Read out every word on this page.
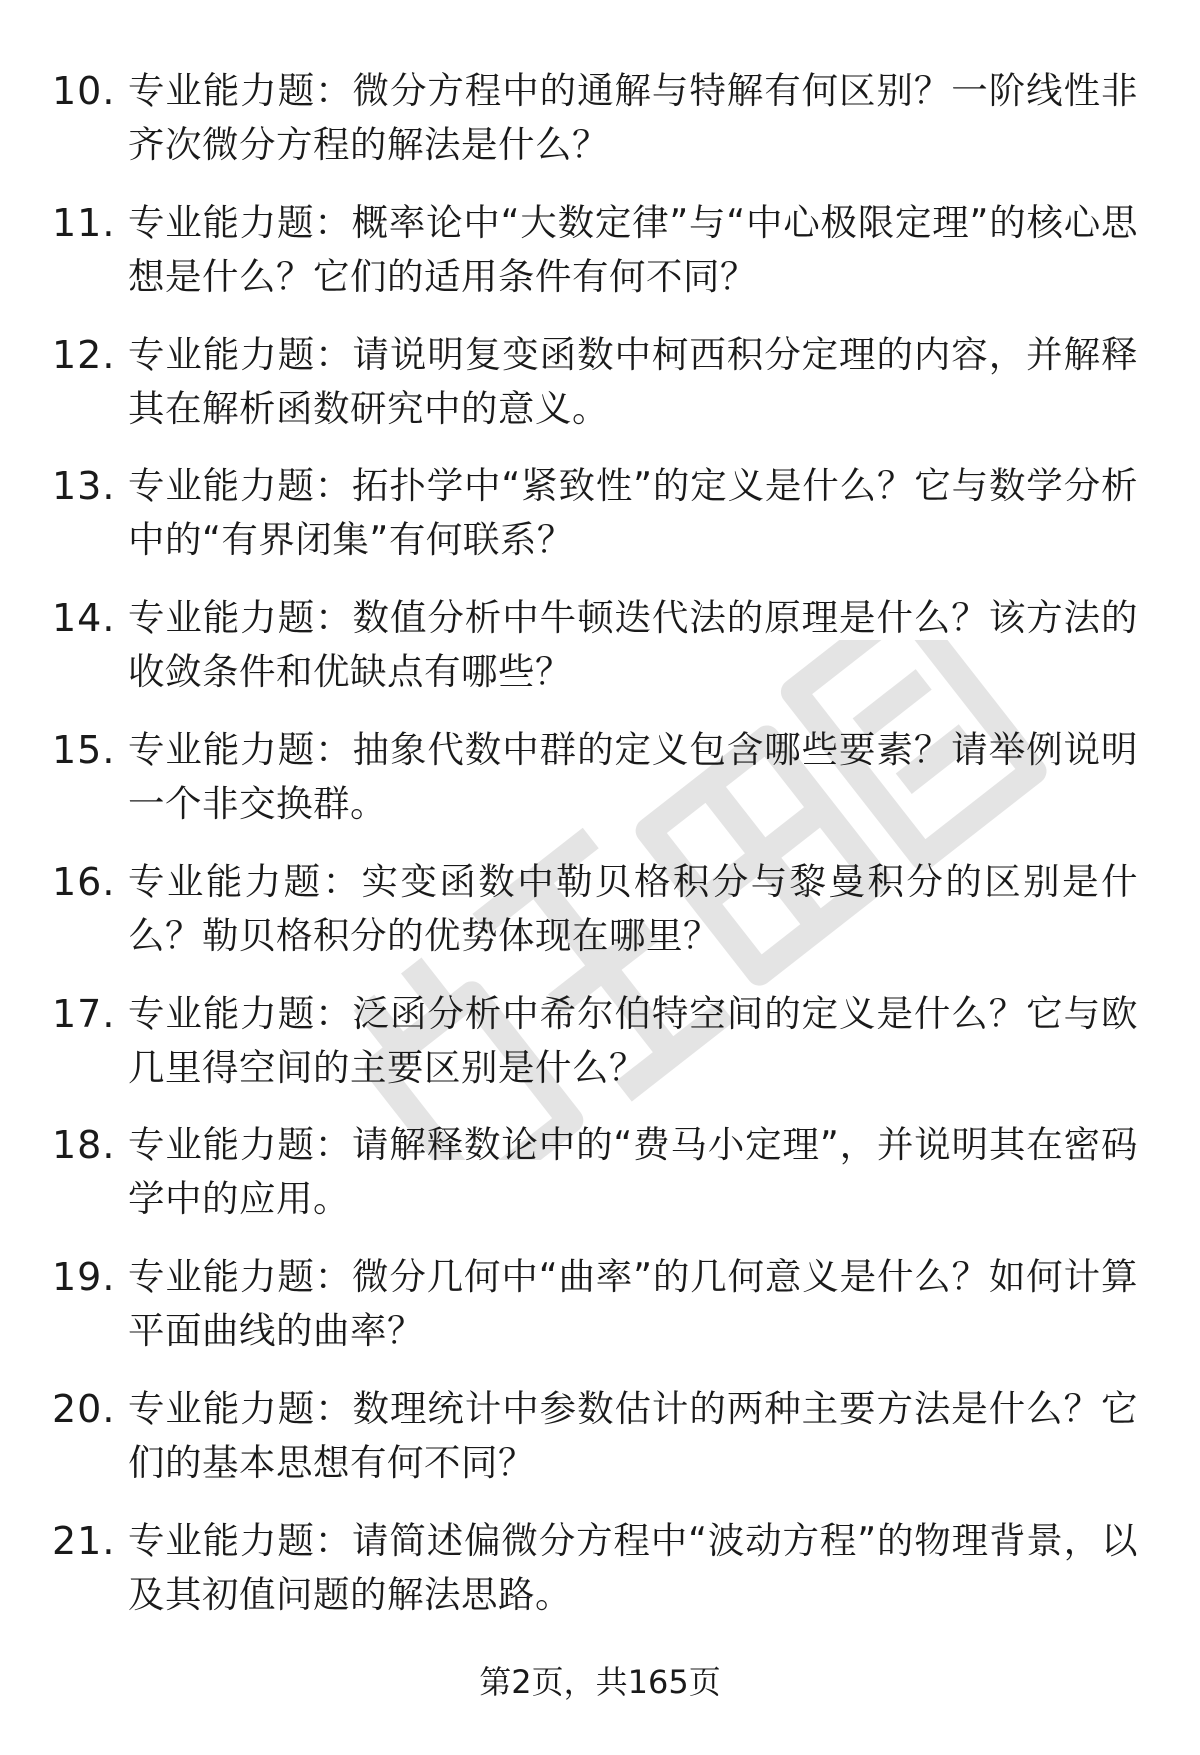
10. 专业能力题：微分方程中的通解与特解有何区别？一阶线性非齐次微分方程的解法是什么？
11. 专业能力题：概率论中“大数定律”与“中心极限定理”的核心思想是什么？它们的适用条件有何不同？
12. 专业能力题：请说明复变函数中柯西积分定理的内容，并解释其在解析函数研究中的意义。
13. 专业能力题：拓扑学中“紧致性”的定义是什么？它与数学分析中的“有界闭集”有何联系？
14. 专业能力题：数值分析中牛顿迭代法的原理是什么？该方法的收敛条件和优缺点有哪些？
15. 专业能力题：抽象代数中群的定义包含哪些要素？请举例说明一个非交换群。
16. 专业能力题：实变函数中勒贝格积分与黎曼积分的区别是什么？勒贝格积分的优势体现在哪里？
17. 专业能力题：泛函分析中希尔伯特空间的定义是什么？它与欧几里得空间的主要区别是什么？
18. 专业能力题：请解释数论中的“费马小定理”，并说明其在密码学中的应用。
19. 专业能力题：微分几何中“曲率”的几何意义是什么？如何计算平面曲线的曲率？
20. 专业能力题：数理统计中参数估计的两种主要方法是什么？它们的基本思想有何不同？
21. 专业能力题：请简述偏微分方程中“波动方程”的物理背景，以及其初值问题的解法思路。
第2页，共165页
